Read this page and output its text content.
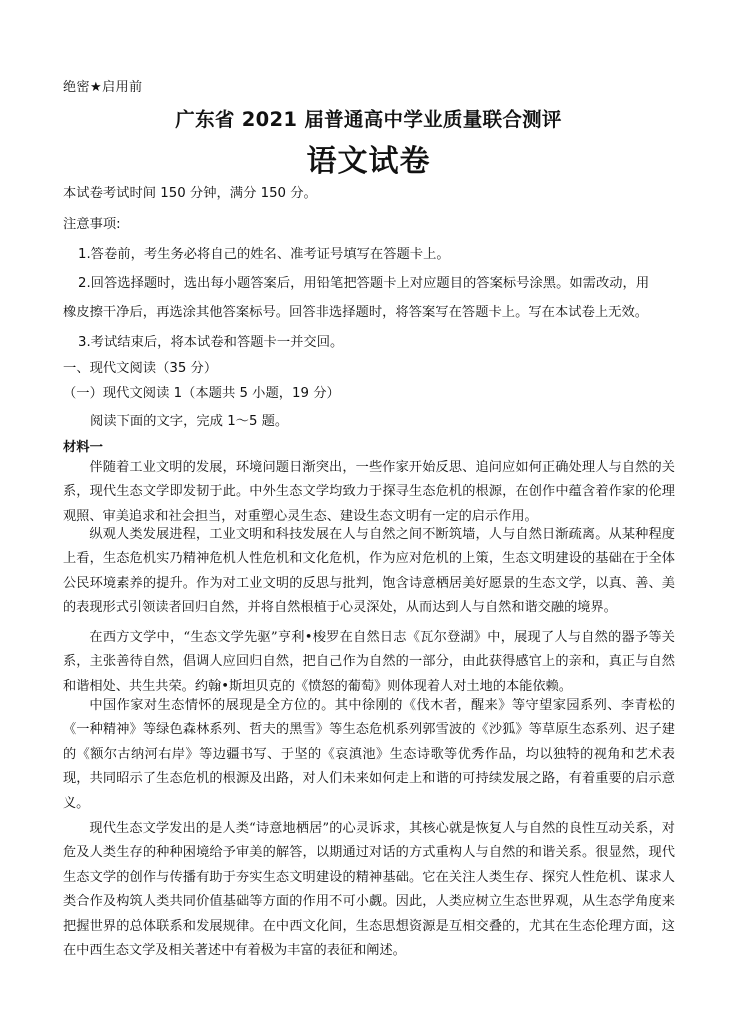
绝密★启用前
广东省 2021 届普通高中学业质量联合测评
语文试卷
本试卷考试时间 150 分钟，满分 150 分。
注意事项:
1.答卷前，考生务必将自己的姓名、准考证号填写在答题卡上。
2.回答选择题时，选出每小题答案后，用铅笔把答题卡上对应题目的答案标号涂黑。如需改动，用
橡皮擦干净后，再选涂其他答案标号。回答非选择题时，将答案写在答题卡上。写在本试卷上无效。
3.考试结束后，将本试卷和答题卡一并交回。
一、现代文阅读（35 分）
（一）现代文阅读 1（本题共 5 小题，19 分）
阅读下面的文字，完成 1～5 题。
材料一

伴随着工业文明的发展，环境问题日渐突出，一些作家开始反思、追问应如何正确处理人与自然的关系，现代生态文学即发韧于此。中外生态文学均致力于探寻生态危机的根源，在创作中蕴含着作家的伦理观照、审美追求和社会担当，对重塑心灵生态、建设生态文明有一定的启示作用。

纵观人类发展进程，工业文明和科技发展在人与自然之间不断筑墙，人与自然日渐疏离。从某种程度上看，生态危机实乃精神危机人性危机和文化危机，作为应对危机的上策，生态文明建设的基础在于全体公民环境素养的提升。作为对工业文明的反思与批判，饱含诗意栖居美好愿景的生态文学，以真、善、美的表现形式引领读者回归自然，并将自然根植于心灵深处，从而达到人与自然和谐交融的境界。

在西方文学中，“生态文学先驱”亨利•梭罗在自然日志《瓦尔登湖》中，展现了人与自然的器予等关系，主张善待自然，倡调人应回归自然，把自己作为自然的一部分，由此获得感官上的亲和，真正与自然和谐相处、共生共荣。约翰•斯坦贝克的《愤怒的葡萄》则体现着人对土地的本能依赖。

中国作家对生态情怀的展现是全方位的。其中徐刚的《伐木者，醒来》等守望家园系列、李青松的《一种精神》等绿色森林系列、哲夫的黑雪》等生态危机系列郭雪波的《沙狐》等草原生态系列、迟子建的《额尔古纳河右岸》等边疆书写、于坚的《哀滇池》生态诗歌等优秀作品，均以独特的视角和艺术表现，共同昭示了生态危机的根源及出路，对人们未来如何走上和谐的可持续发展之路，有着重要的启示意义。

现代生态文学发出的是人类“诗意地栖居”的心灵诉求，其核心就是恢复人与自然的良性互动关系，对危及人类生存的种种困境给予审美的解答，以期通过对话的方式重构人与自然的和谐关系。很显然，现代生态文学的创作与传播有助于夯实生态文明建设的精神基础。它在关注人类生存、探究人性危机、谋求人类合作及构筑人类共同价值基础等方面的作用不可小觑。因此，人类应树立生态世界观，从生态学角度来把握世界的总体联系和发展规律。在中西文化间，生态思想资源是互相交叠的，尤其在生态伦理方面，这在中西生态文学及相关著述中有着极为丰富的表征和阐述。
